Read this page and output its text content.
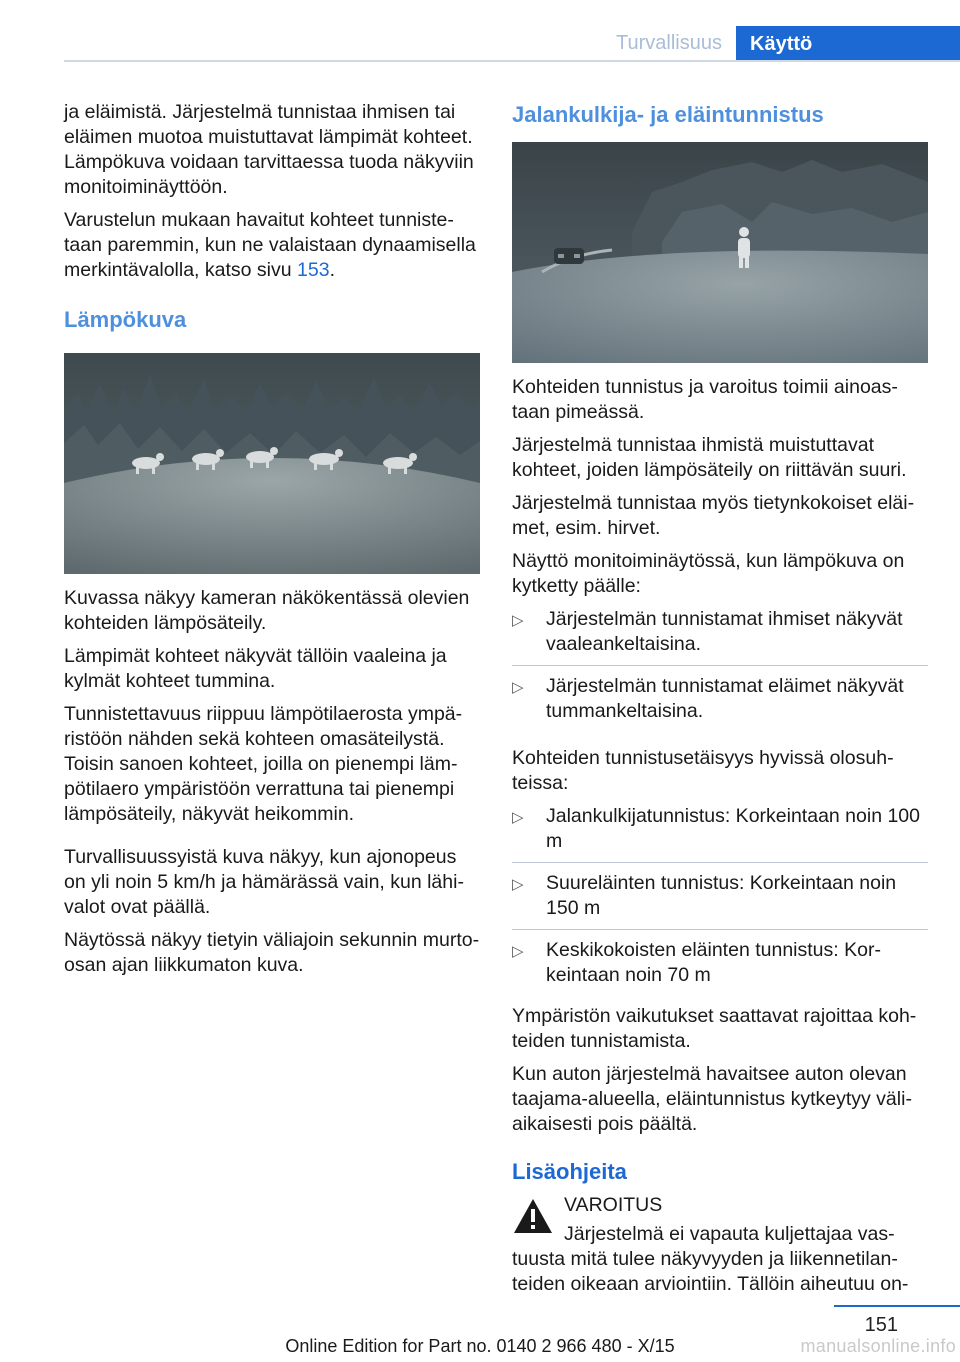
Turvallisuus	Käyttö

ja eläimistä. Järjestelmä tunnistaa ihmisen tai eläimen muotoa muistuttavat lämpimät kohteet. Lämpökuva voidaan tarvittaessa tuoda näkyviin monitoiminäyttöön.

Varustelun mukaan havaitut kohteet tunnistetaan paremmin, kun ne valaistaan dynaamisella merkintävalolla, katso sivu 153.

Lämpökuva

Kuvassa näkyy kameran näkökentässä olevien kohteiden lämpösäteily.

Lämpimät kohteet näkyvät tällöin vaaleina ja kylmät kohteet tummina.

Tunnistettavuus riippuu lämpötilaerosta ympäristöön nähden sekä kohteen omasäteilystä. Toisin sanoen kohteet, joilla on pienempi lämpötilaero ympäristöön verrattuna tai pienempi lämpösäteily, näkyvät heikommin.

Turvallisuussyistä kuva näkyy, kun ajonopeus on yli noin 5 km/h ja hämärässä vain, kun lähivalot ovat päällä.

Näytössä näkyy tietyin väliajoin sekunnin murto-osan ajan liikkumaton kuva.

Jalankulkija- ja eläintunnistus

Kohteiden tunnistus ja varoitus toimii ainoastaan pimeässä.

Järjestelmä tunnistaa ihmistä muistuttavat kohteet, joiden lämpösäteily on riittävän suuri.

Järjestelmä tunnistaa myös tietynkokoiset eläimet, esim. hirvet.

Näyttö monitoiminäytössä, kun lämpökuva on kytketty päälle:

▷ Järjestelmän tunnistamat ihmiset näkyvät vaaleankeltaisina.
▷ Järjestelmän tunnistamat eläimet näkyvät tummankeltaisina.

Kohteiden tunnistusetäisyys hyvissä olosuhteissa:

▷ Jalankulkijatunnistus: Korkeintaan noin 100 m
▷ Suureläinten tunnistus: Korkeintaan noin 150 m
▷ Keskikokoisten eläinten tunnistus: Korkeintaan noin 70 m

Ympäristön vaikutukset saattavat rajoittaa kohteiden tunnistamista.

Kun auton järjestelmä havaitsee auton olevan taajama-alueella, eläintunnistus kytkeytyy väliaikaisesti pois päältä.

Lisäohjeita
VAROITUS

Järjestelmä ei vapauta kuljettajaa vastuusta mitä tulee näkyvyyden ja liikennetilanteiden oikeaan arviointiin. Tällöin aiheutuu on-

151
Online Edition for Part no. 0140 2 966 480 - X/15	manualsonline.info
